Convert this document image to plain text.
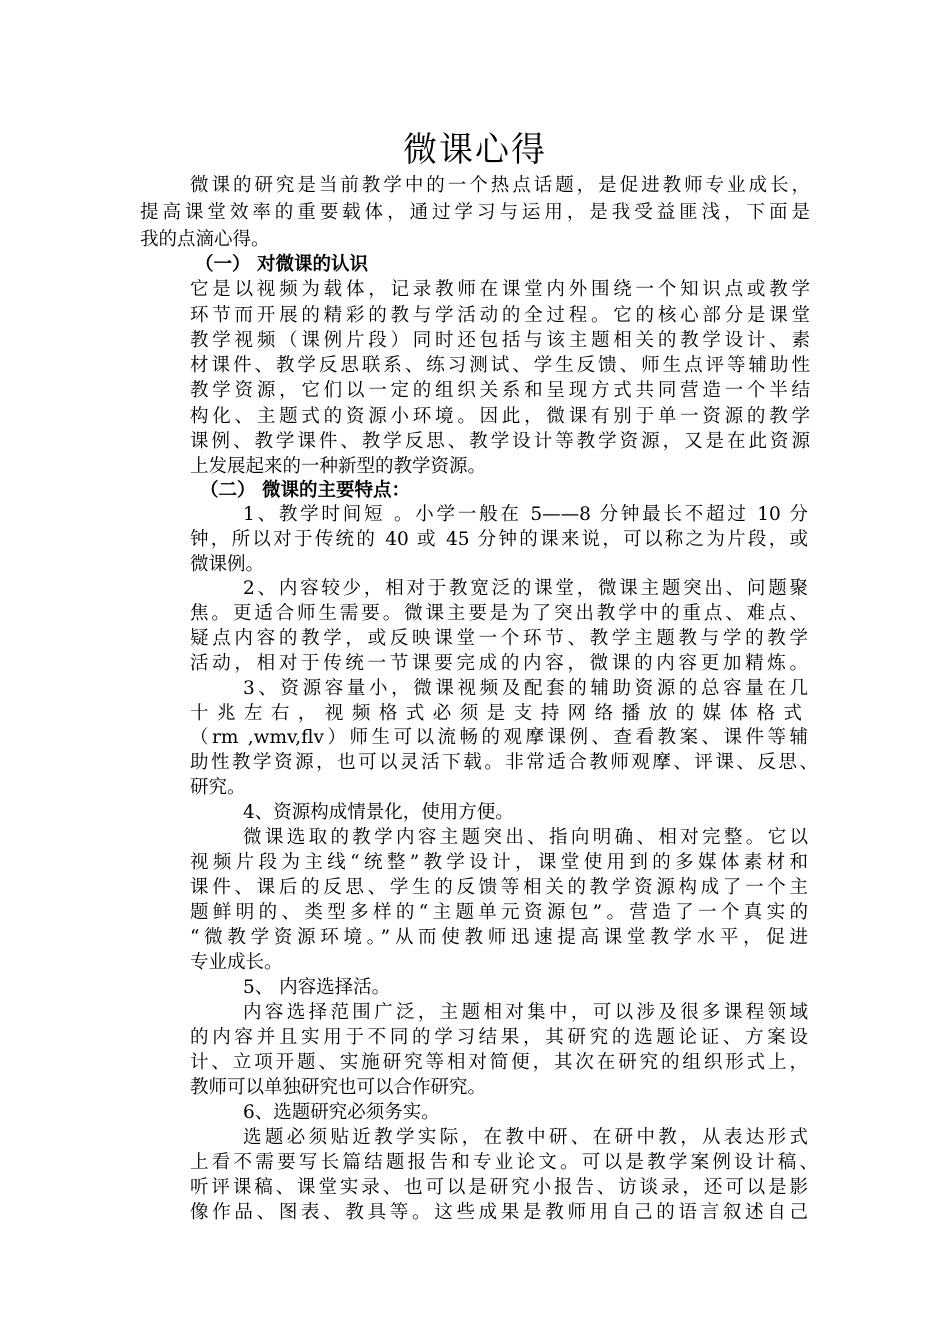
微课心得
微课的研究是当前教学中的一个热点话题，是促进教师专业成长，
提高课堂效率的重要载体，通过学习与运用，是我受益匪浅，下面是
我的点滴心得。
（一） 对微课的认识
它是以视频为载体，记录教师在课堂内外围绕一个知识点或教学
环节而开展的精彩的教与学活动的全过程。它的核心部分是课堂
教学视频（课例片段）同时还包括与该主题相关的教学设计、素
材课件、教学反思联系、练习测试、学生反馈、师生点评等辅助性
教学资源，它们以一定的组织关系和呈现方式共同营造一个半结
构化、主题式的资源小环境。因此，微课有别于单一资源的教学
课例、教学课件、教学反思、教学设计等教学资源，又是在此资源
上发展起来的一种新型的教学资源。
（二） 微课的主要特点：
1、教学时间短 。小学一般在 5——8 分钟最长不超过 10 分
钟，所以对于传统的 40 或 45 分钟的课来说，可以称之为片段，或
微课例。
2、内容较少，相对于教宽泛的课堂，微课主题突出、问题聚
焦。更适合师生需要。微课主要是为了突出教学中的重点、难点、
疑点内容的教学，或反映课堂一个环节、教学主题教与学的教学
活动，相对于传统一节课要完成的内容，微课的内容更加精炼。
3、资源容量小，微课视频及配套的辅助资源的总容量在几
十 兆 左 右 ， 视 频 格 式 必 须 是 支 持 网 络 播 放 的 媒 体 格 式
（rm ,wmv,flv）师生可以流畅的观摩课例、查看教案、课件等辅
助性教学资源，也可以灵活下载。非常适合教师观摩、评课、反思、
研究。
4、资源构成情景化，使用方便。
微课选取的教学内容主题突出、指向明确、相对完整。它以
视频片段为主线“统整”教学设计，课堂使用到的多媒体素材和
课件、课后的反思、学生的反馈等相关的教学资源构成了一个主
题鲜明的、类型多样的“主题单元资源包”。营造了一个真实的
“微教学资源环境。”从而使教师迅速提高课堂教学水平，促进
专业成长。
5、 内容选择活。
内容选择范围广泛，主题相对集中，可以涉及很多课程领域
的内容并且实用于不同的学习结果，其研究的选题论证、方案设
计、立项开题、实施研究等相对简便，其次在研究的组织形式上，
教师可以单独研究也可以合作研究。
6、选题研究必须务实。
选题必须贴近教学实际，在教中研、在研中教，从表达形式
上看不需要写长篇结题报告和专业论文。可以是教学案例设计稿、
听评课稿、课堂实录、也可以是研究小报告、访谈录，还可以是影
像作品、图表、教具等。这些成果是教师用自己的语言叙述自己
